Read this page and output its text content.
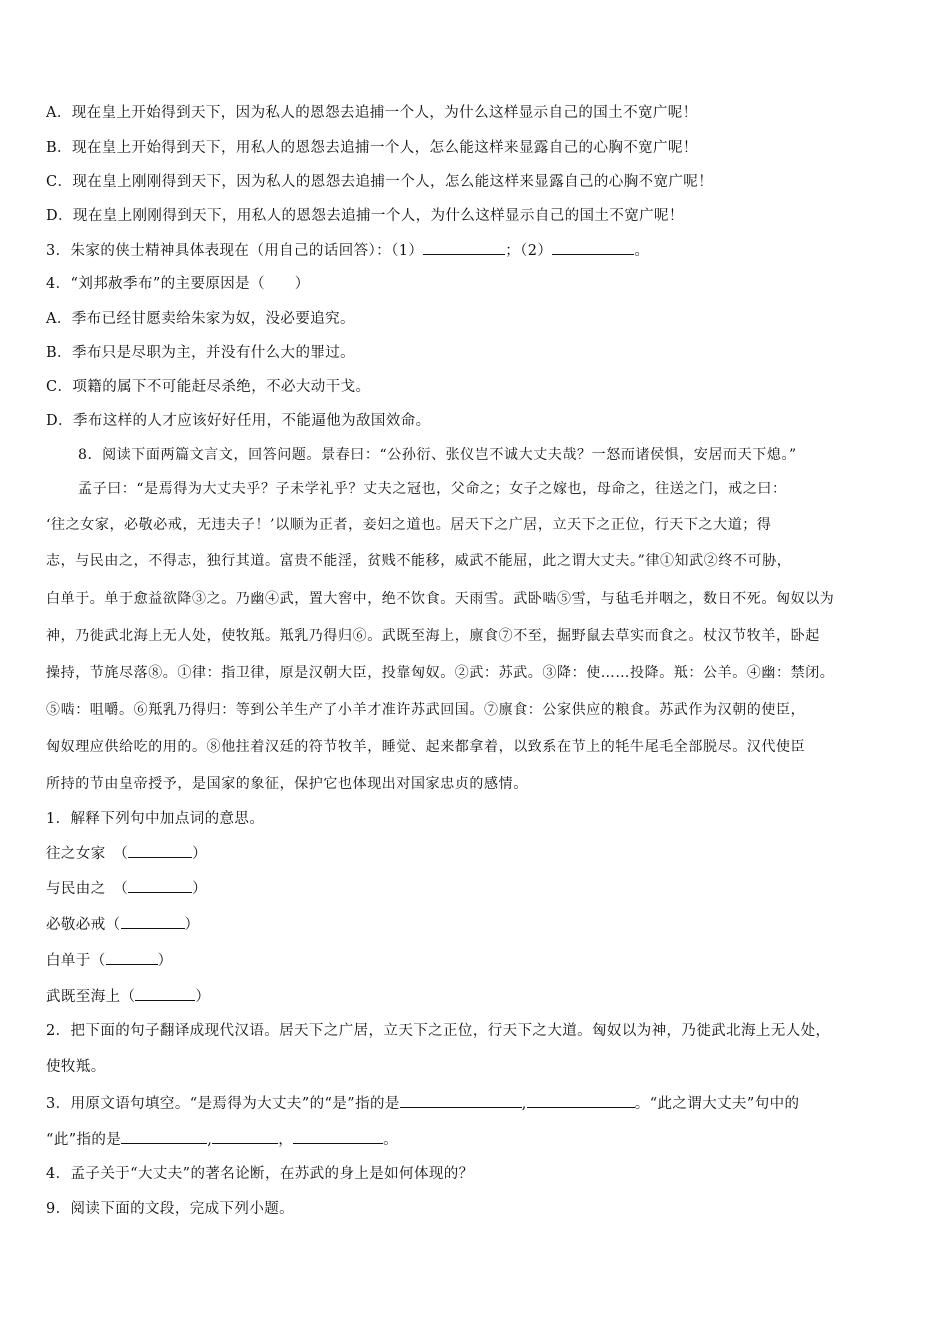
A．现在皇上开始得到天下，因为私人的恩怨去追捕一个人，为什么这样显示自己的国土不宽广呢！
B．现在皇上开始得到天下，用私人的恩怨去追捕一个人，怎么能这样来显露自己的心胸不宽广呢！
C．现在皇上刚刚得到天下，因为私人的恩怨去追捕一个人，怎么能这样来显露自己的心胸不宽广呢！
D．现在皇上刚刚得到天下，用私人的恩怨去追捕一个人，为什么这样显示自己的国土不宽广呢！
3．朱家的侠士精神具体表现在（用自己的话回答）：（1）	；（2）	。
4．“刘邦赦季布”的主要原因是（　　）
A．季布已经甘愿卖给朱家为奴，没必要追究。
B．季布只是尽职为主，并没有什么大的罪过。
C．项籍的属下不可能赶尽杀绝，不必大动干戈。
D．季布这样的人才应该好好任用，不能逼他为敌国效命。
8．阅读下面两篇文言文，回答问题。景春曰：“公孙衍、张仪岂不诚大丈夫哉？一怒而诸侯惧，安居而天下熄。”
孟子曰：“是焉得为大丈夫乎？子未学礼乎？丈夫之冠也，父命之；女子之嫁也，母命之，往送之门，戒之曰：
‘往之女家，必敬必戒，无违夫子！’以顺为正者，妾妇之道也。居天下之广居，立天下之正位，行天下之大道；得
志，与民由之，不得志，独行其道。富贵不能淫，贫贱不能移，威武不能屈，此之谓大丈夫。”律①知武②终不可胁，
白单于。单于愈益欲降③之。乃幽④武，置大窖中，绝不饮食。天雨雪。武卧啮⑤雪，与毡毛并咽之，数日不死。匈奴以为
神，乃徙武北海上无人处，使牧羝。羝乳乃得归⑥。武既至海上，廪食⑦不至，掘野鼠去草实而食之。杖汉节牧羊，卧起
操持，节旄尽落⑧。①律：指卫律，原是汉朝大臣，投靠匈奴。②武：苏武。③降：使……投降。羝：公羊。④幽：禁闭。
⑤啮：咀嚼。⑥羝乳乃得归：等到公羊生产了小羊才准许苏武回国。⑦廪食：公家供应的粮食。苏武作为汉朝的使臣，
匈奴理应供给吃的用的。⑧他拄着汉廷的符节牧羊，睡觉、起来都拿着，以致系在节上的牦牛尾毛全部脱尽。汉代使臣
所持的节由皇帝授予，是国家的象征，保护它也体现出对国家忠贞的感情。
1．解释下列句中加点词的意思。
往之女家　（	）
与民由之　（	）
必敬必戒（	）
白单于（	）
武既至海上（	）
2．把下面的句子翻译成现代汉语。居天下之广居，立天下之正位，行天下之大道。匈奴以为神，乃徙武北海上无人处，
使牧羝。
3．用原文语句填空。“是焉得为大丈夫”的“是”指的是	,	。“此之谓大丈夫”句中的
“此”指的是	,	，	。
4．孟子关于“大丈夫”的著名论断，在苏武的身上是如何体现的？
9．阅读下面的文段，完成下列小题。
